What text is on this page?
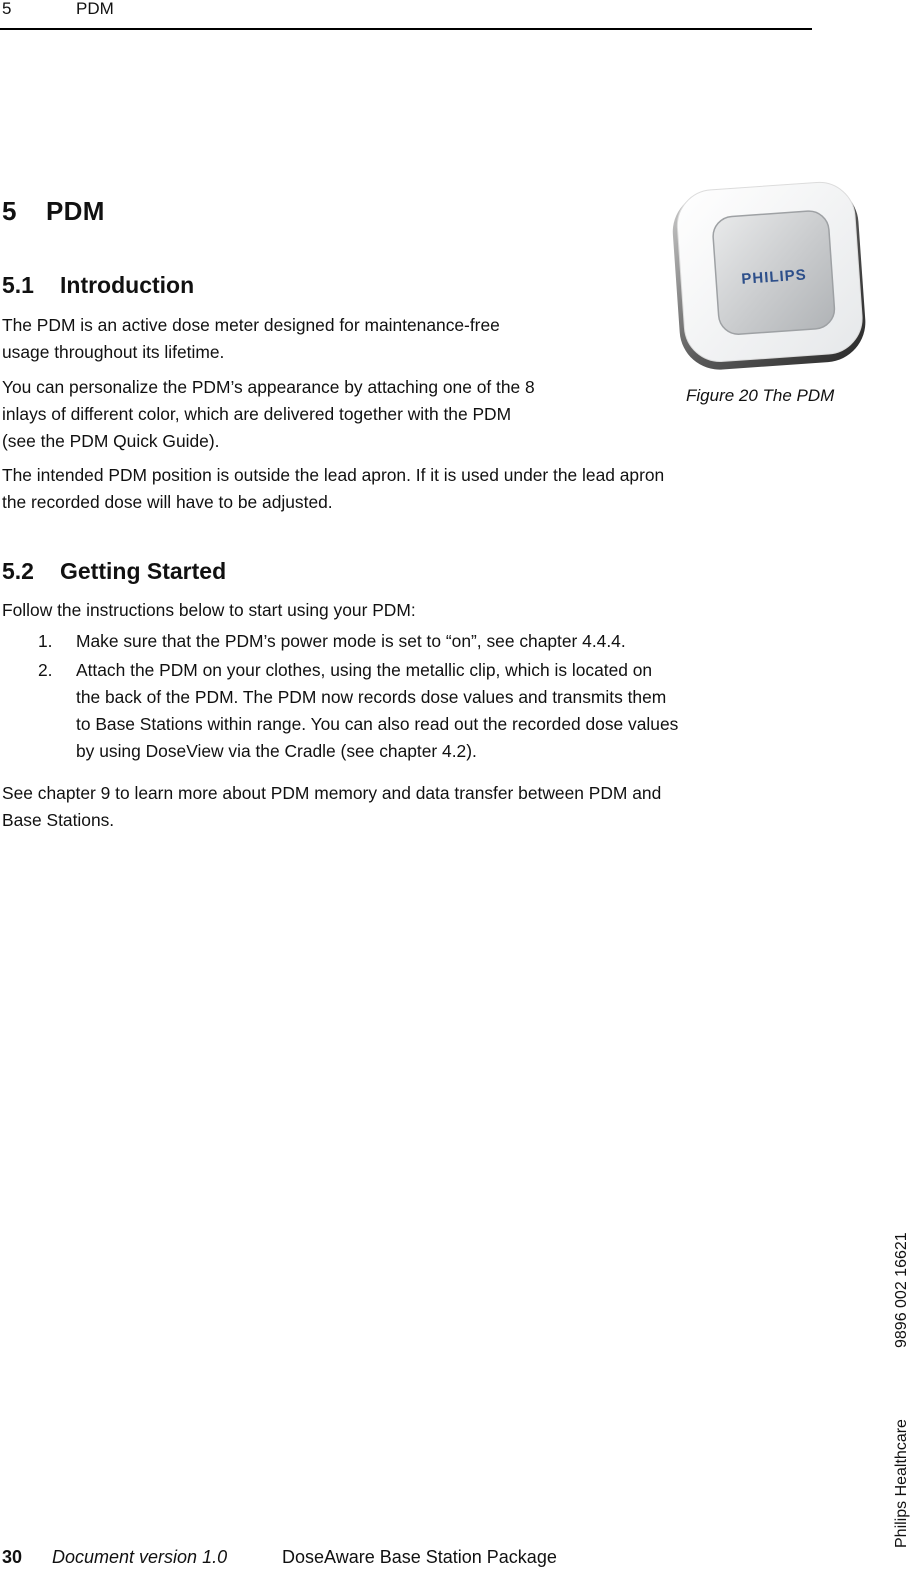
5	PDM
5 PDM
PHILIPS
Figure 20 The PDM
5.1 Introduction

The PDM is an active dose meter designed for maintenance-free
usage throughout its lifetime.

You can personalize the PDM’s appearance by attaching one of the 8
inlays of different color, which are delivered together with the PDM
(see the PDM Quick Guide).

The intended PDM position is outside the lead apron. If it is used under the lead apron
the recorded dose will have to be adjusted.

5.2 Getting Started

Follow the instructions below to start using your PDM:

1. Make sure that the PDM’s power mode is set to “on”, see chapter 4.4.4.
2. Attach the PDM on your clothes, using the metallic clip, which is located on
the back of the PDM. The PDM now records dose values and transmits them
to Base Stations within range. You can also read out the recorded dose values
by using DoseView via the Cradle (see chapter 4.2).

See chapter 9 to learn more about PDM memory and data transfer between PDM and
Base Stations.

30 Document version 1.0	DoseAware Base Station Package
Philips Healthcare
9896 002 16621
